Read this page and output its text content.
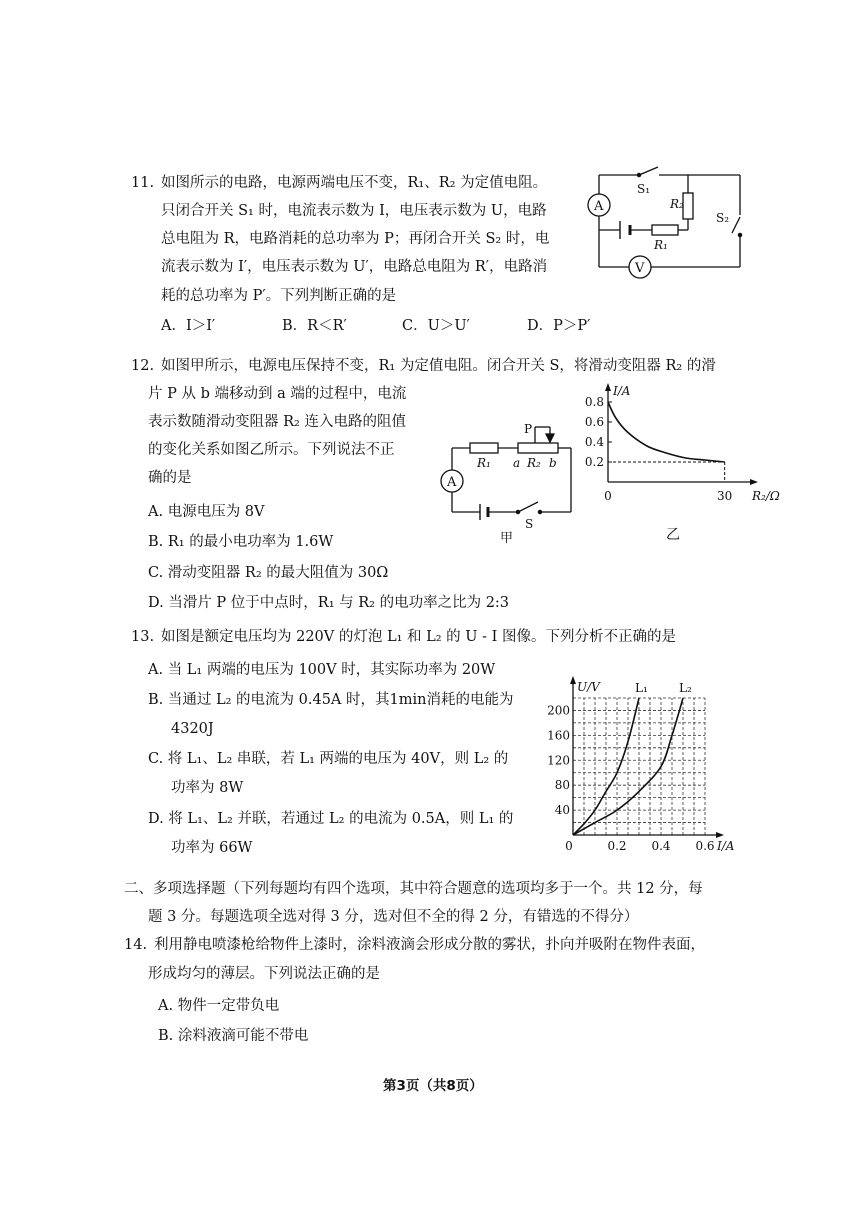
11. 如图所示的电路，电源两端电压不变，R₁、R₂ 为定值电阻。
只闭合开关 S₁ 时，电流表示数为 I，电压表示数为 U，电路
总电阻为 R，电路消耗的总功率为 P；再闭合开关 S₂ 时，电
流表示数为 I′，电压表示数为 U′，电路总电阻为 R′，电路消
耗的总功率为 P′。下列判断正确的是
A．I＞I′	B．R＜R′	C．U＞U′	D．P＞P′
A
V
S₁
S₂
R₁
R₂
12. 如图甲所示，电源电压保持不变，R₁ 为定值电阻。闭合开关 S，将滑动变阻器 R₂ 的滑
片 P 从 b 端移动到 a 端的过程中，电流
表示数随滑动变阻器 R₂ 连入电路的阻值
的变化关系如图乙所示。下列说法不正
确的是
A. 电源电压为 8V
B. R₁ 的最小电功率为 1.6W
C. 滑动变阻器 R₂ 的最大阻值为 30Ω
D. 当滑片 P 位于中点时，R₁ 与 R₂ 的电功率之比为 2:3
P
R₁ a R₂ b
A
S
甲
0.2
0.4
0.6
0.8
0	30
I/A
R₂/Ω
乙
13. 如图是额定电压均为 220V 的灯泡 L₁ 和 L₂ 的 U - I 图像。下列分析不正确的是
A. 当 L₁ 两端的电压为 100V 时，其实际功率为 20W
B. 当通过 L₂ 的电流为 0.45A 时，其1min消耗的电能为
4320J
C. 将 L₁、L₂ 串联，若 L₁ 两端的电压为 40V，则 L₂ 的
功率为 8W
D. 将 L₁、L₂ 并联，若通过 L₂ 的电流为 0.5A，则 L₁ 的
功率为 66W
40
80
120
160
200
0	0.2 0.4 0.6
U/V
I/A
L₁	L₂
二、多项选择题（下列每题均有四个选项，其中符合题意的选项均多于一个。共 12 分，每
题 3 分。每题选项全选对得 3 分，选对但不全的得 2 分，有错选的不得分）
14. 利用静电喷漆枪给物件上漆时，涂料液滴会形成分散的雾状，扑向并吸附在物件表面，
形成均匀的薄层。下列说法正确的是
A. 物件一定带负电
B. 涂料液滴可能不带电
第3页（共8页）
